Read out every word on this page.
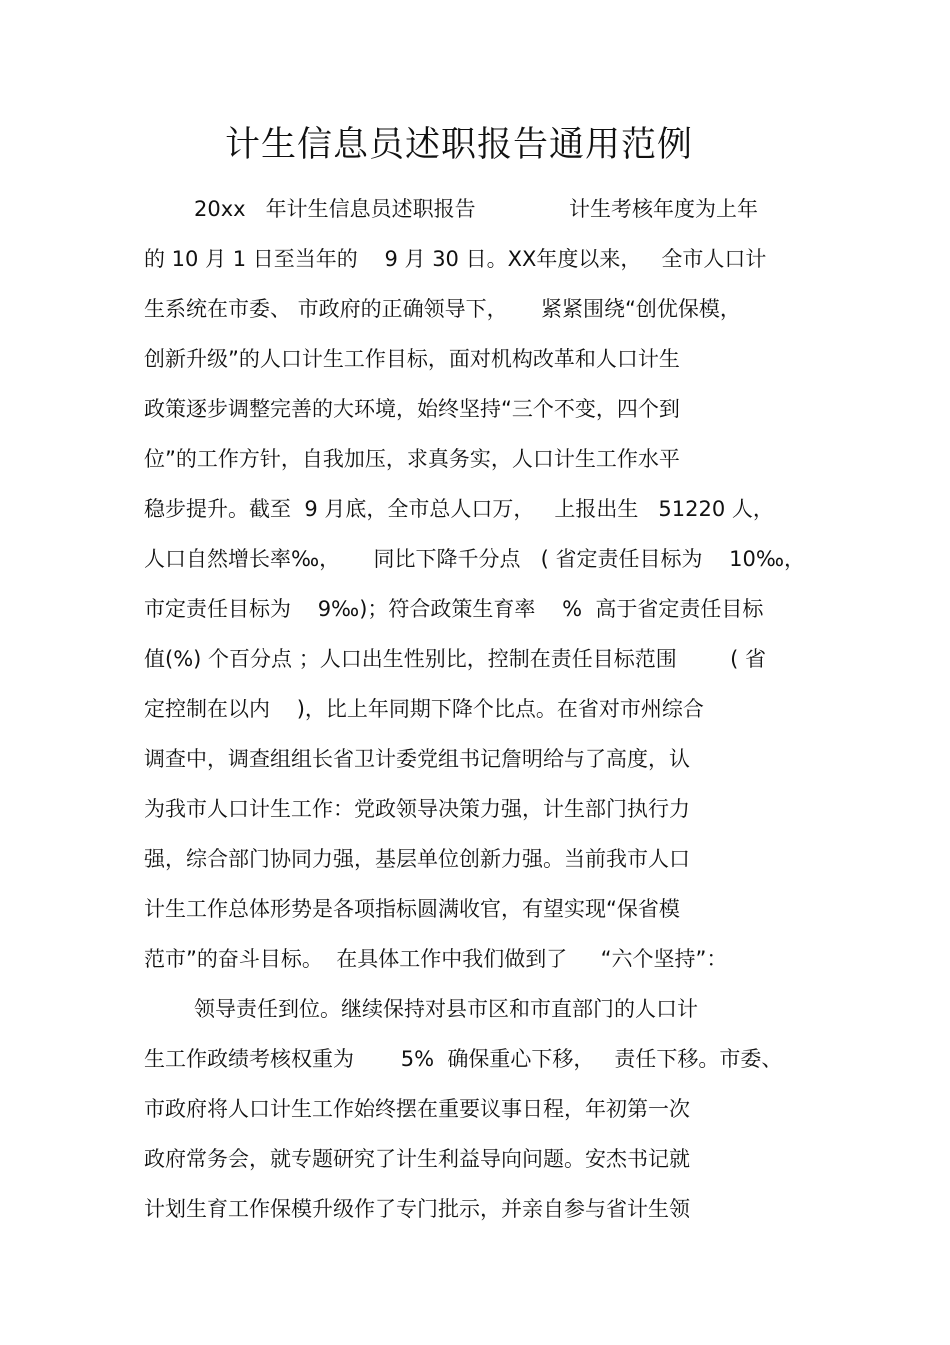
计生信息员述职报告通用范例
20xx   年计生信息员述职报告              计生考核年度为上年
的 10 月 1 日至当年的    9 月 30 日。XX年度以来，   全市人口计
生系统在市委、 市政府的正确领导下，     紧紧围绕“创优保模，
创新升级”的人口计生工作目标，面对机构改革和人口计生
政策逐步调整完善的大环境，始终坚持“三个不变，四个到
位”的工作方针，自我加压，求真务实，人口计生工作水平
稳步提升。截至  9 月底，全市总人口万，   上报出生   51220 人，
人口自然增长率‰，     同比下降千分点   ( 省定责任目标为    10‰，
市定责任目标为    9‰)；符合政策生育率    %  高于省定责任目标
值(%) 个百分点 ；人口出生性别比，控制在责任目标范围        ( 省
定控制在以内    )，比上年同期下降个比点。在省对市州综合
调查中，调查组组长省卫计委党组书记詹明给与了高度，认
为我市人口计生工作：党政领导决策力强，计生部门执行力
强，综合部门协同力强，基层单位创新力强。当前我市人口
计生工作总体形势是各项指标圆满收官，有望实现“保省模
范市”的奋斗目标。  在具体工作中我们做到了     “六个坚持”：
领导责任到位。继续保持对县市区和市直部门的人口计
生工作政绩考核权重为       5%  确保重心下移，   责任下移。市委、
市政府将人口计生工作始终摆在重要议事日程，年初第一次
政府常务会，就专题研究了计生利益导向问题。安杰书记就
计划生育工作保模升级作了专门批示，并亲自参与省计生领
